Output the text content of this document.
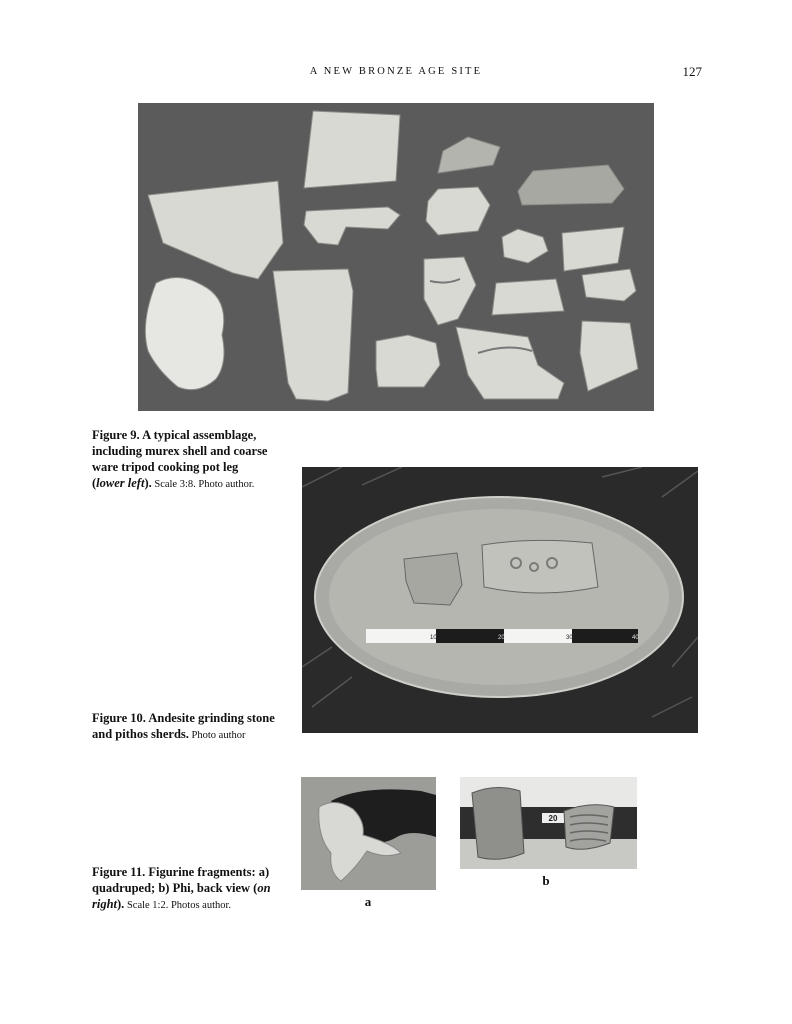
A NEW BRONZE AGE SITE	127
Figure 9. A typical assemblage, including murex shell and coarse ware tripod cooking pot leg (lower left). Scale 3:8. Photo author.
10	20	30	40
Figure 10. Andesite grinding stone and pithos sherds. Photo author
a
20
b
Figure 11. Figurine fragments: a) quadruped; b) Phi, back view (on right). Scale 1:2. Photos author.
